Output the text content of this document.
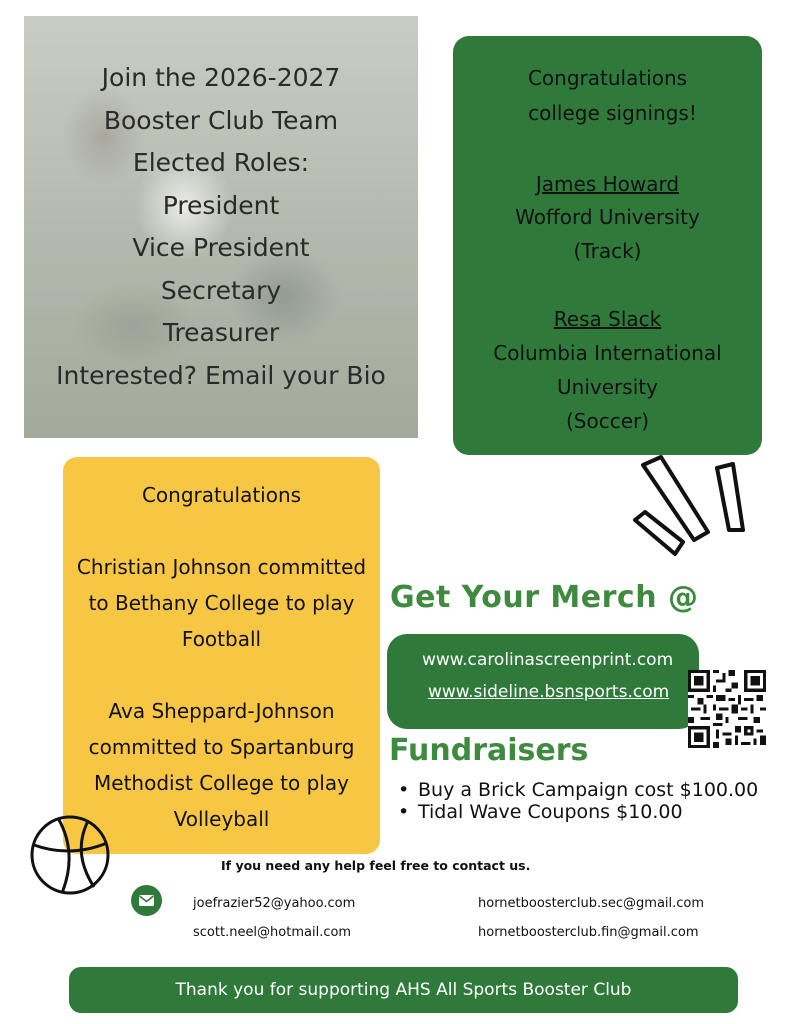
Join the 2026-2027
Booster Club Team
Elected Roles:
President
Vice President
Secretary
Treasurer
Interested? Email your Bio
Congratulations
college signings!
James Howard
Wofford University
(Track)
Resa Slack
Columbia International
University
(Soccer)
Congratulations
Christian Johnson committed
to Bethany College to play
Football
Ava Sheppard-Johnson
committed to Spartanburg
Methodist College to play
Volleyball
Get Your Merch @
www.carolinascreenprint.com
www.sideline.bsnsports.com
Fundraisers
• Buy a Brick Campaign cost $100.00
• Tidal Wave Coupons $10.00
If you need any help feel free to contact us.
joefrazier52@yahoo.com
scott.neel@hotmail.com
hornetboosterclub.sec@gmail.com
hornetboosterclub.fin@gmail.com
Thank you for supporting AHS All Sports Booster Club
